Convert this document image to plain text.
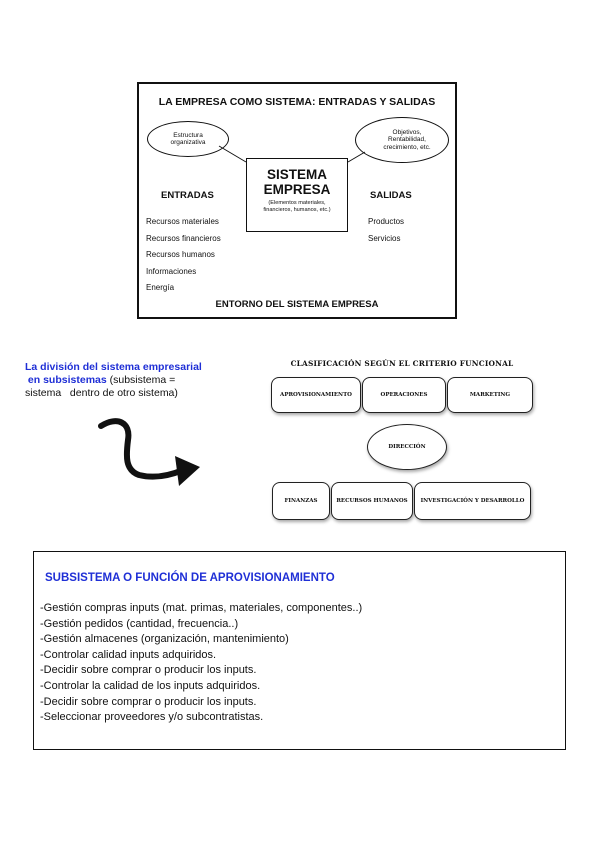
LA EMPRESA COMO SISTEMA: ENTRADAS Y SALIDAS
Estructura
organizativa
Objetivos,
Rentabilidad,
crecimiento, etc.
SISTEMA
EMPRESA
(Elementos materiales,
financieros, humanos, etc.)
ENTRADAS
Recursos materiales
Recursos financieros
Recursos humanos
Informaciones
Energía
SALIDAS
Productos
Servicios
ENTORNO DEL SISTEMA EMPRESA
La división del sistema empresarial
en subsistemas (subsistema =
sistema   dentro de otro sistema)
CLASIFICACIÓN SEGÚN EL CRITERIO FUNCIONAL
APROVISIONAMIENTO	OPERACIONES	MARKETING
DIRECCIÓN
FINANZAS	RECURSOS HUMANOS	INVESTIGACIÓN Y DESARROLLO
SUBSISTEMA O FUNCIÓN DE APROVISIONAMIENTO
-Gestión compras inputs (mat. primas, materiales, componentes..)
-Gestión pedidos (cantidad, frecuencia..)
-Gestión almacenes (organización, mantenimiento)
-Controlar calidad inputs adquiridos.
-Decidir sobre comprar o producir los inputs.
-Controlar la calidad de los inputs adquiridos.
-Decidir sobre comprar o producir los inputs.
-Seleccionar proveedores y/o subcontratistas.
